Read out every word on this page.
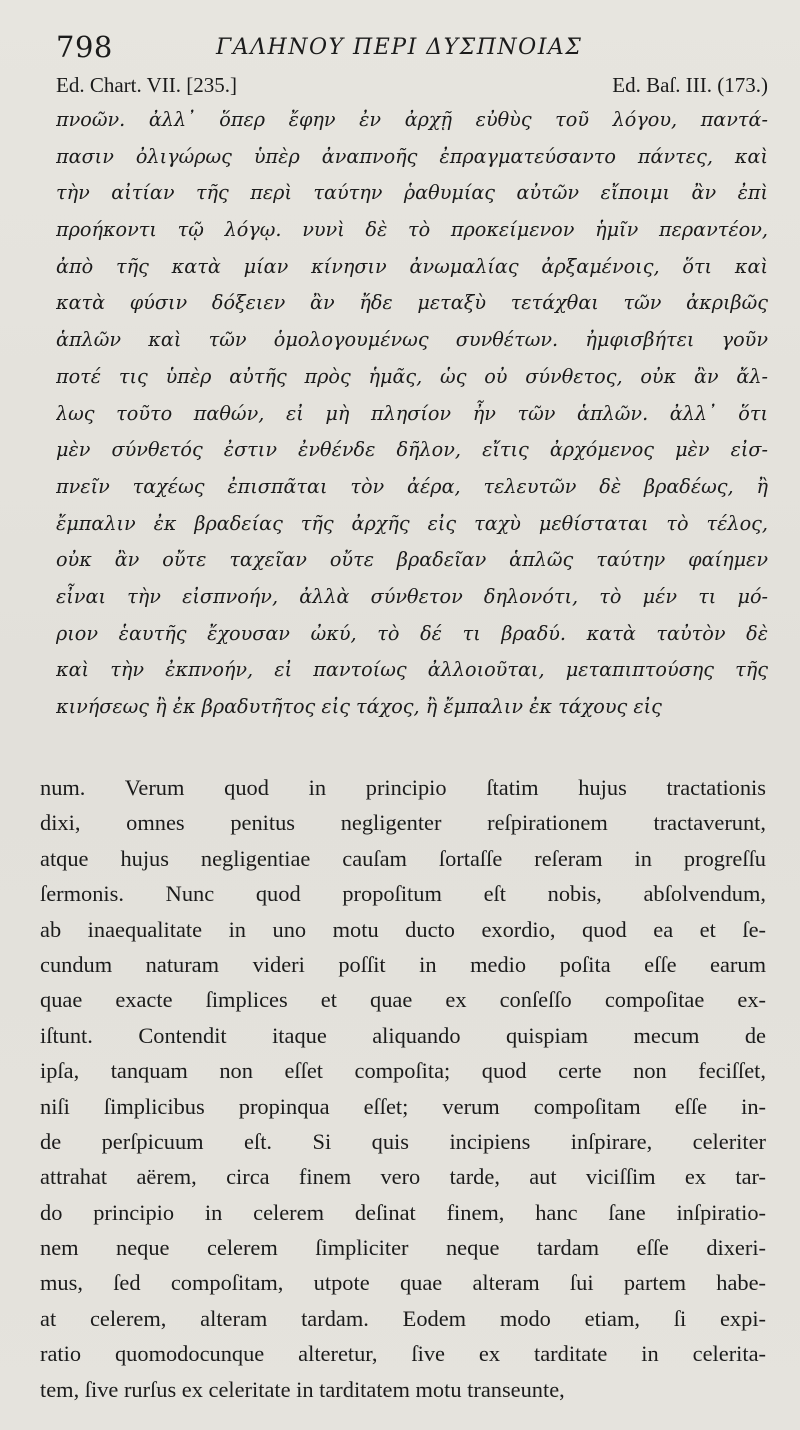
798	ΓΑΛΗΝΟΥ ΠΕΡΙ ΔΥΣΠΝΟΙΑΣ
Ed. Chart. VII. [235.]	Ed. Baſ. III. (173.)
πνοῶν. ἀλλ᾽ ὅπερ ἔφην ἐν ἀρχῇ εὐθὺς τοῦ λόγου, παντά-
πασιν ὀλιγώρως ὑπὲρ ἀναπνοῆς ἐπραγματεύσαντο πάντες, καὶ
τὴν αἰτίαν τῆς περὶ ταύτην ῥαθυμίας αὐτῶν εἴποιμι ἂν ἐπὶ
προήκοντι τῷ λόγῳ. νυνὶ δὲ τὸ προκείμενον ἡμῖν περαντέον,
ἀπὸ τῆς κατὰ μίαν κίνησιν ἀνωμαλίας ἀρξαμένοις, ὅτι καὶ
κατὰ φύσιν δόξειεν ἂν ἤδε μεταξὺ τετάχθαι τῶν ἀκριβῶς
ἁπλῶν καὶ τῶν ὁμολογουμένως συνθέτων. ἠμφισβήτει γοῦν
ποτέ τις ὑπὲρ αὐτῆς πρὸς ἡμᾶς, ὡς οὐ σύνθετος, οὐκ ἂν ἄλ-
λως τοῦτο παθών, εἰ μὴ πλησίον ἦν τῶν ἁπλῶν. ἀλλ᾽ ὅτι
μὲν σύνθετός ἐστιν ἐνθένδε δῆλον, εἴτις ἀρχόμενος μὲν εἰσ-
πνεῖν ταχέως ἐπισπᾶται τὸν ἀέρα, τελευτῶν δὲ βραδέως, ἢ
ἔμπαλιν ἐκ βραδείας τῆς ἀρχῆς εἰς ταχὺ μεθίσταται τὸ τέλος,
οὐκ ἂν οὔτε ταχεῖαν οὔτε βραδεῖαν ἁπλῶς ταύτην φαίημεν
εἶναι τὴν εἰσπνοήν, ἀλλὰ σύνθετον δηλονότι, τὸ μέν τι μό-
ριον ἑαυτῆς ἔχουσαν ὠκύ, τὸ δέ τι βραδύ. κατὰ ταὐτὸν δὲ
καὶ τὴν ἐκπνοήν, εἰ παντοίως ἀλλοιοῦται, μεταπιπτούσης τῆς
κινήσεως ἢ ἐκ βραδυτῆτος εἰς τάχος, ἢ ἔμπαλιν ἐκ τάχους εἰς
num. Verum quod in principio ſtatim hujus tractationis
dixi, omnes penitus negligenter reſpirationem tractaverunt,
atque hujus negligentiae cauſam ſortaſſe reſeram in progreſſu
ſermonis. Nunc quod propoſitum eſt nobis, abſolvendum,
ab inaequalitate in uno motu ducto exordio, quod ea et ſe-
cundum naturam videri poſſit in medio poſita eſſe earum
quae exacte ſimplices et quae ex conſeſſo compoſitae ex-
iſtunt. Contendit itaque aliquando quispiam mecum de
ipſa, tanquam non eſſet compoſita; quod certe non feciſſet,
niſi ſimplicibus propinqua eſſet; verum compoſitam eſſe in-
de perſpicuum eſt. Si quis incipiens inſpirare, celeriter
attrahat aërem, circa finem vero tarde, aut viciſſim ex tar-
do principio in celerem deſinat finem, hanc ſane inſpiratio-
nem neque celerem ſimpliciter neque tardam eſſe dixeri-
mus, ſed compoſitam, utpote quae alteram ſui partem habe-
at celerem, alteram tardam. Eodem modo etiam, ſi expi-
ratio quomodocunque alteretur, ſive ex tarditate in celerita-
tem, ſive rurſus ex celeritate in tarditatem motu transeunte,
